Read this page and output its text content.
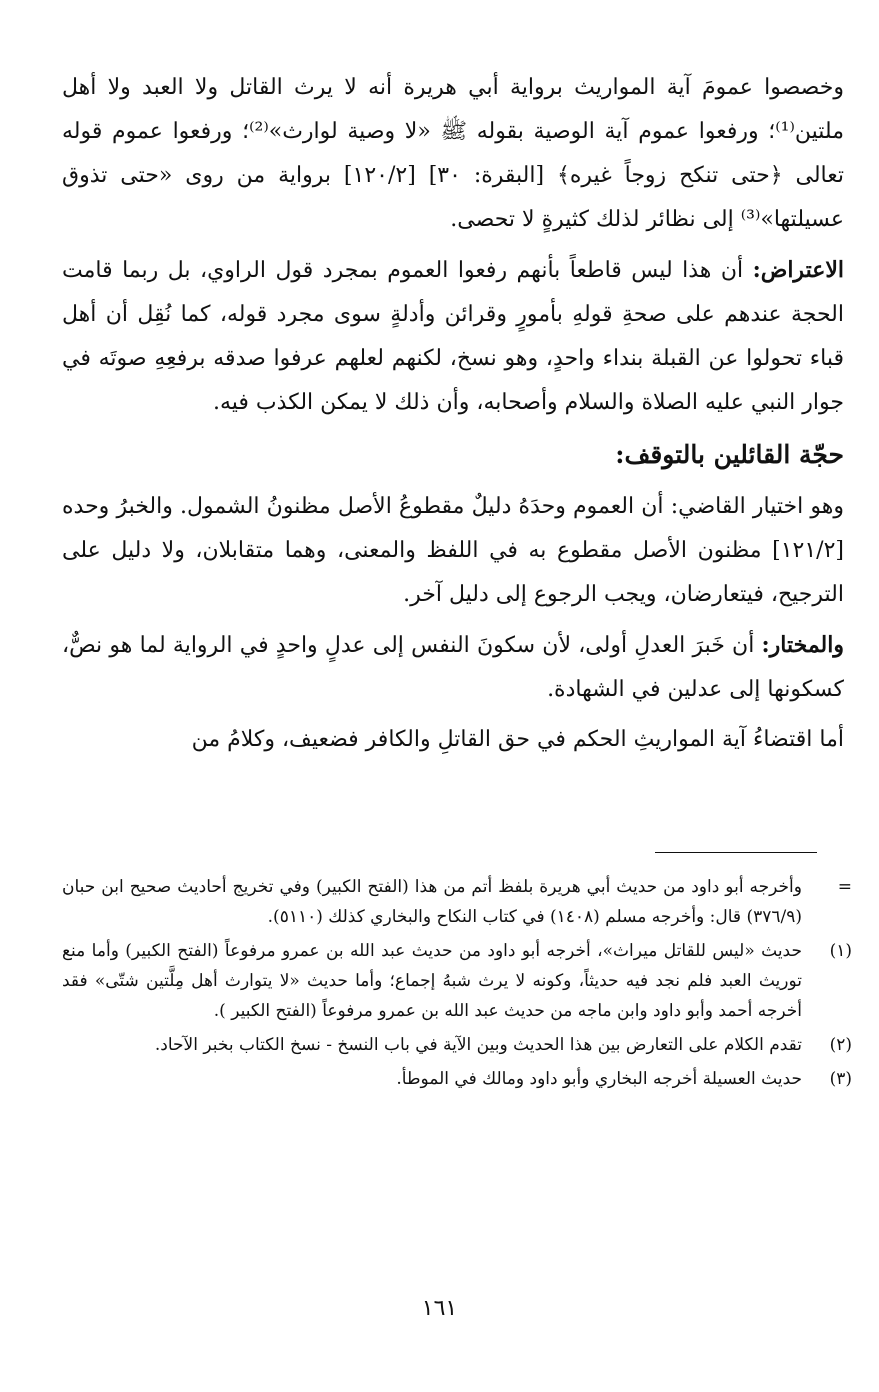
وخصصوا عمومَ آية المواريث برواية أبي هريرة أنه لا يرث القاتل ولا العبد ولا أهل ملتين⁽¹⁾؛ ورفعوا عموم آية الوصية بقوله ﷺ «لا وصية لوارث»⁽²⁾؛ ورفعوا عموم قوله تعالى ﴿حتى تنكح زوجاً غيره﴾ [البقرة: ٣٠] [١٢٠/٢] برواية من روى «حتى تذوق عسيلتها»⁽³⁾ إلى نظائر لذلك كثيرةٍ لا تحصى.

الاعتراض: أن هذا ليس قاطعاً بأنهم رفعوا العموم بمجرد قول الراوي، بل ربما قامت الحجة عندهم على صحةِ قولهِ بأمورٍ وقرائن وأدلةٍ سوى مجرد قوله، كما نُقِل أن أهل قباء تحولوا عن القبلة بنداء واحدٍ، وهو نسخ، لكنهم لعلهم عرفوا صدقه برفعِهِ صوتَه في جوار النبي عليه الصلاة والسلام وأصحابه، وأن ذلك لا يمكن الكذب فيه.

حجّة القائلين بالتوقف:

وهو اختيار القاضي: أن العموم وحدَهُ دليلٌ مقطوعُ الأصل مظنونُ الشمول. والخبرُ وحده [١٢١/٢] مظنون الأصل مقطوع به في اللفظ والمعنى، وهما متقابلان، ولا دليل على الترجيح، فيتعارضان، ويجب الرجوع إلى دليل آخر.

والمختار: أن خَبرَ العدلِ أولى، لأن سكونَ النفس إلى عدلٍ واحدٍ في الرواية لما هو نصٌّ، كسكونها إلى عدلين في الشهادة.

أما اقتضاءُ آية المواريثِ الحكم في حق القاتلِ والكافر فضعيف، وكلامُ من

=
وأخرجه أبو داود من حديث أبي هريرة بلفظ أتم من هذا (الفتح الكبير) وفي تخريج أحاديث صحيح ابن حبان (٣٧٦/٩) قال: وأخرجه مسلم (١٤٠٨) في كتاب النكاح والبخاري كذلك (٥١١٠).
(١)
حديث «ليس للقاتل ميراث»، أخرجه أبو داود من حديث عبد الله بن عمرو مرفوعاً (الفتح الكبير) وأما منع توريث العبد فلم نجد فيه حديثاً، وكونه لا يرث شبهُ إجماع؛ وأما حديث «لا يتوارث أهل مِلَّتين شتّى» فقد أخرجه أحمد وأبو داود وابن ماجه من حديث عبد الله بن عمرو مرفوعاً (الفتح الكبير ).
(٢)
تقدم الكلام على التعارض بين هذا الحديث وبين الآية في باب النسخ - نسخ الكتاب بخبر الآحاد.
(٣)
حديث العسيلة أخرجه البخاري وأبو داود ومالك في الموطأ.
١٦١
